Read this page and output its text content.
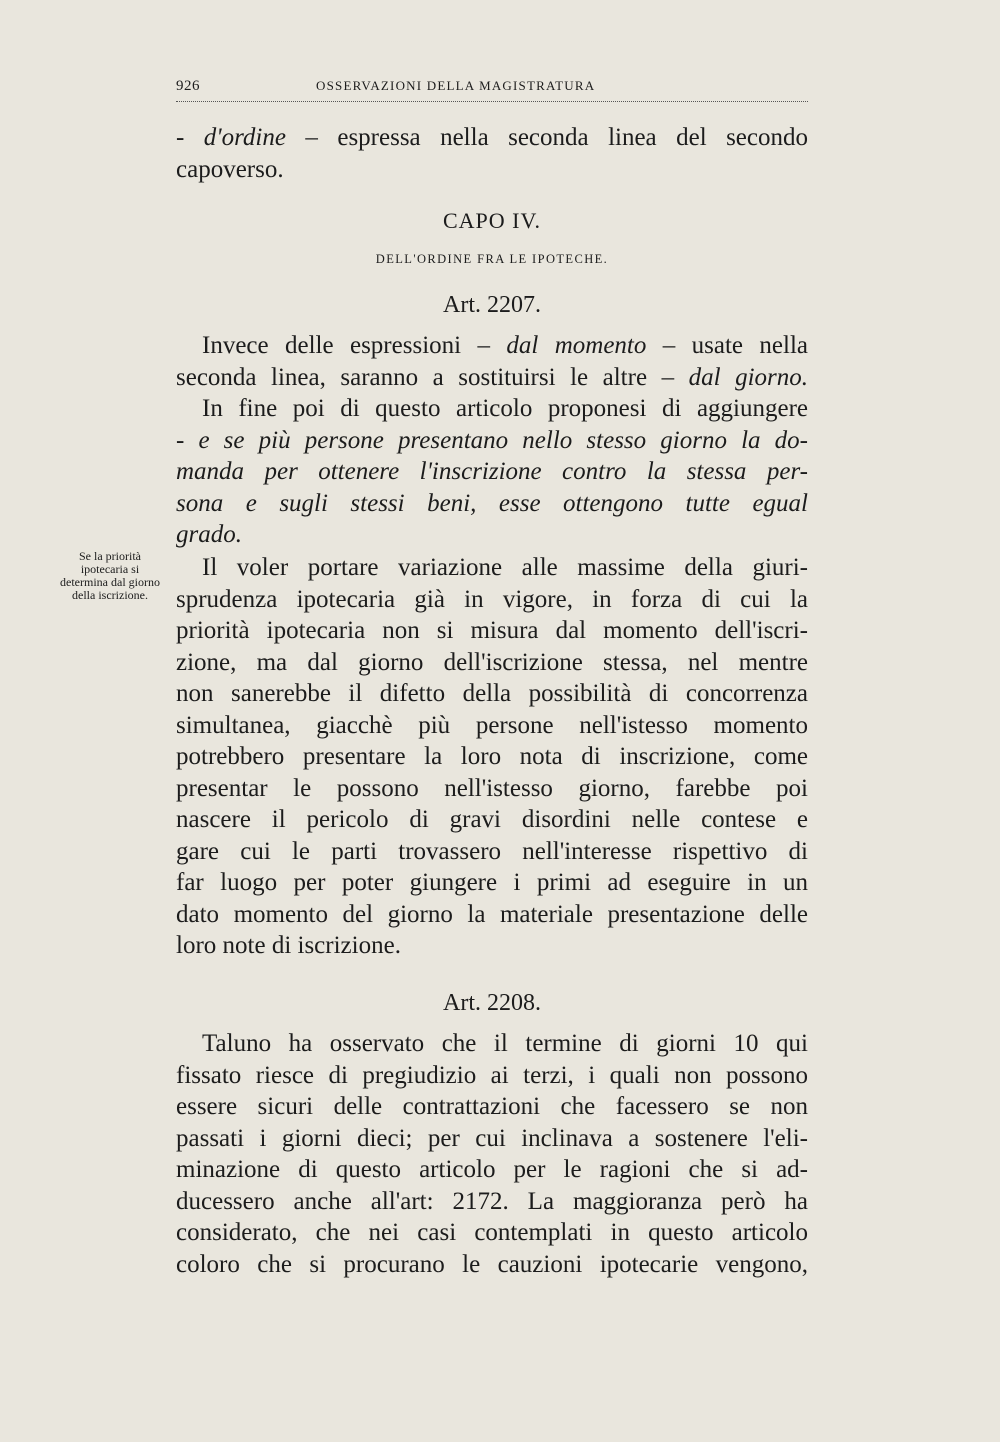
926	OSSERVAZIONI DELLA MAGISTRATURA
- d'ordine – espressa nella seconda linea del secondo
capoverso.
CAPO IV.
DELL'ORDINE FRA LE IPOTECHE.
Art. 2207.
Invece delle espressioni – dal momento – usate nella
seconda linea, saranno a sostituirsi le altre – dal giorno.
In fine poi di questo articolo proponesi di aggiungere
- e se più persone presentano nello stesso giorno la do-
manda per ottenere l'inscrizione contro la stessa per-
sona e sugli stessi beni, esse ottengono tutte egual
grado.
Se la priorità ipotecaria si determina dal giorno della iscrizione.
Il voler portare variazione alle massime della giuri-
sprudenza ipotecaria già in vigore, in forza di cui la
priorità ipotecaria non si misura dal momento dell'iscri-
zione, ma dal giorno dell'iscrizione stessa, nel mentre
non sanerebbe il difetto della possibilità di concorrenza
simultanea, giacchè più persone nell'istesso momento
potrebbero presentare la loro nota di inscrizione, come
presentar le possono nell'istesso giorno, farebbe poi
nascere il pericolo di gravi disordini nelle contese e
gare cui le parti trovassero nell'interesse rispettivo di
far luogo per poter giungere i primi ad eseguire in un
dato momento del giorno la materiale presentazione delle
loro note di iscrizione.
Art. 2208.
Taluno ha osservato che il termine di giorni 10 qui
fissato riesce di pregiudizio ai terzi, i quali non possono
essere sicuri delle contrattazioni che facessero se non
passati i giorni dieci; per cui inclinava a sostenere l'eli-
minazione di questo articolo per le ragioni che si ad-
ducessero anche all'art: 2172. La maggioranza però ha
considerato, che nei casi contemplati in questo articolo
coloro che si procurano le cauzioni ipotecarie vengono,
